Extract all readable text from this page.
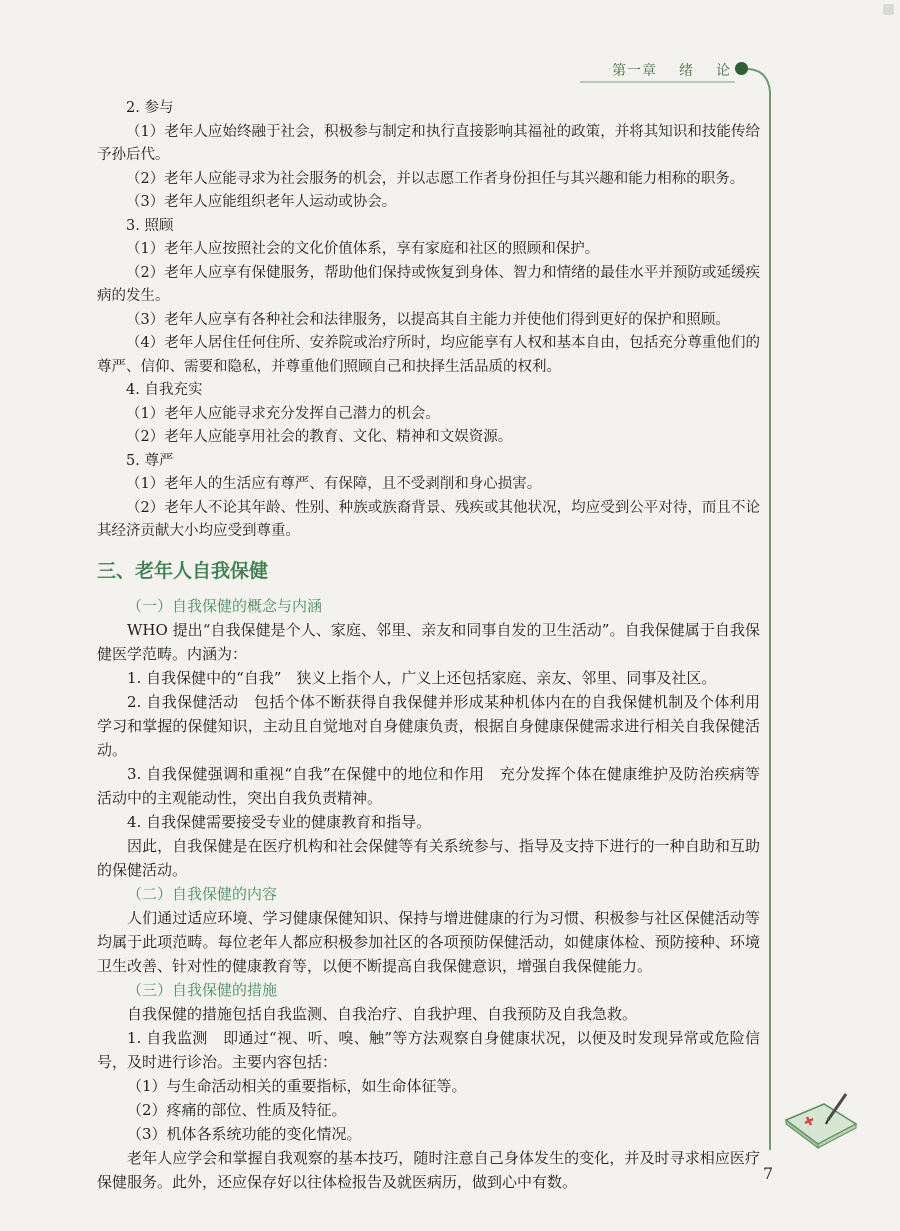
第一章 绪 论

2. 参与

（1）老年人应始终融于社会，积极参与制定和执行直接影响其福祉的政策，并将其知识和技能传给予孙后代。

（2）老年人应能寻求为社会服务的机会，并以志愿工作者身份担任与其兴趣和能力相称的职务。

（3）老年人应能组织老年人运动或协会。

3. 照顾

（1）老年人应按照社会的文化价值体系，享有家庭和社区的照顾和保护。

（2）老年人应享有保健服务，帮助他们保持或恢复到身体、智力和情绪的最佳水平并预防或延缓疾病的发生。

（3）老年人应享有各种社会和法律服务，以提高其自主能力并使他们得到更好的保护和照顾。

（4）老年人居住任何住所、安养院或治疗所时，均应能享有人权和基本自由，包括充分尊重他们的尊严、信仰、需要和隐私，并尊重他们照顾自己和抉择生活品质的权利。

4. 自我充实

（1）老年人应能寻求充分发挥自己潜力的机会。

（2）老年人应能享用社会的教育、文化、精神和文娱资源。

5. 尊严

（1）老年人的生活应有尊严、有保障，且不受剥削和身心损害。

（2）老年人不论其年龄、性别、种族或族裔背景、残疾或其他状况，均应受到公平对待，而且不论其经济贡献大小均应受到尊重。

三、老年人自我保健

（一）自我保健的概念与内涵

WHO 提出“自我保健是个人、家庭、邻里、亲友和同事自发的卫生活动”。自我保健属于自我保健医学范畴。内涵为：

1. 自我保健中的“自我”　狭义上指个人，广义上还包括家庭、亲友、邻里、同事及社区。

2. 自我保健活动　包括个体不断获得自我保健并形成某种机体内在的自我保健机制及个体利用学习和掌握的保健知识，主动且自觉地对自身健康负责，根据自身健康保健需求进行相关自我保健活动。

3. 自我保健强调和重视“自我”在保健中的地位和作用　充分发挥个体在健康维护及防治疾病等活动中的主观能动性，突出自我负责精神。

4. 自我保健需要接受专业的健康教育和指导。

因此，自我保健是在医疗机构和社会保健等有关系统参与、指导及支持下进行的一种自助和互助的保健活动。

（二）自我保健的内容

人们通过适应环境、学习健康保健知识、保持与增进健康的行为习惯、积极参与社区保健活动等均属于此项范畴。每位老年人都应积极参加社区的各项预防保健活动，如健康体检、预防接种、环境卫生改善、针对性的健康教育等，以便不断提高自我保健意识，增强自我保健能力。

（三）自我保健的措施

自我保健的措施包括自我监测、自我治疗、自我护理、自我预防及自我急救。

1. 自我监测　即通过“视、听、嗅、触”等方法观察自身健康状况，以便及时发现异常或危险信号，及时进行诊治。主要内容包括：

（1）与生命活动相关的重要指标，如生命体征等。

（2）疼痛的部位、性质及特征。

（3）机体各系统功能的变化情况。

老年人应学会和掌握自我观察的基本技巧，随时注意自己身体发生的变化，并及时寻求相应医疗保健服务。此外，还应保存好以往体检报告及就医病历，做到心中有数。	7
